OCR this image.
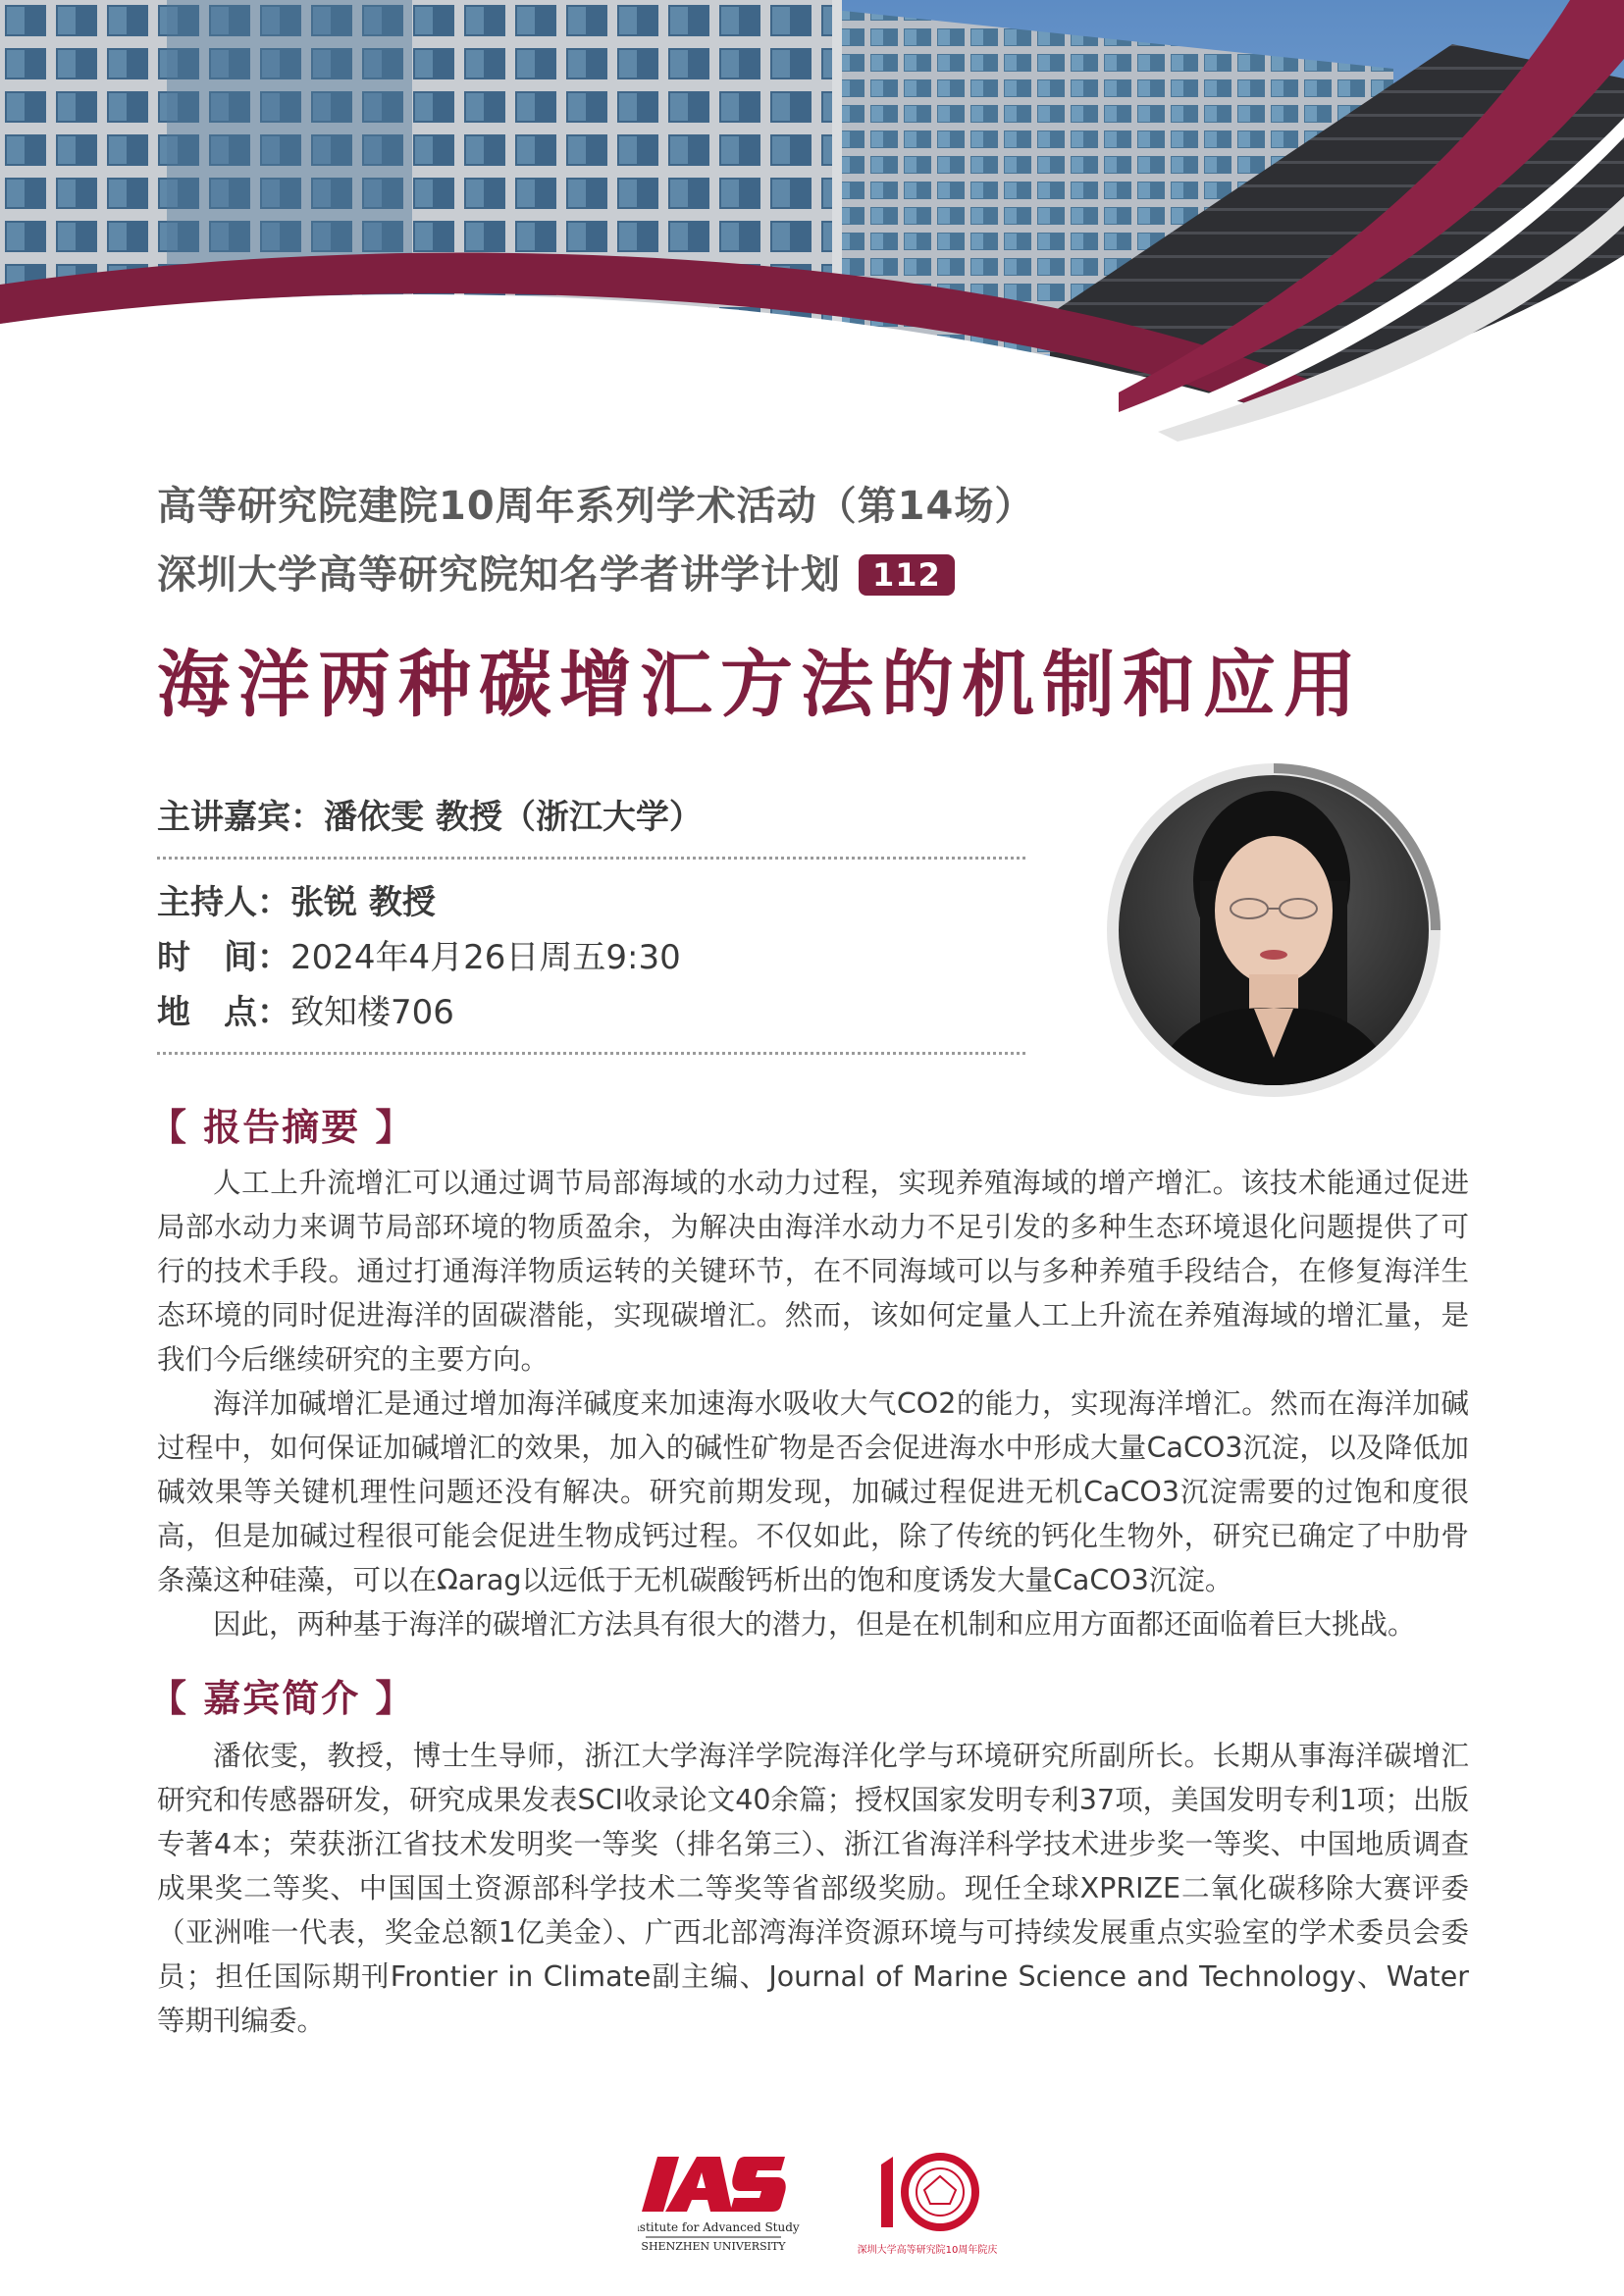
高等研究院建院10周年系列学术活动（第14场）
深圳大学高等研究院知名学者讲学计划	112
海洋两种碳增汇方法的机制和应用
主讲嘉宾：潘依雯 教授（浙江大学）
主持人：张锐 教授
时　间：2024年4月26日周五9:30
地　点：致知楼706
【 报告摘要 】

人工上升流增汇可以通过调节局部海域的水动力过程，实现养殖海域的增产增汇。该技术能通过促进局部水动力来调节局部环境的物质盈余，为解决由海洋水动力不足引发的多种生态环境退化问题提供了可行的技术手段。通过打通海洋物质运转的关键环节，在不同海域可以与多种养殖手段结合，在修复海洋生态环境的同时促进海洋的固碳潜能，实现碳增汇。然而，该如何定量人工上升流在养殖海域的增汇量，是我们今后继续研究的主要方向。

海洋加碱增汇是通过增加海洋碱度来加速海水吸收大气CO2的能力，实现海洋增汇。然而在海洋加碱过程中，如何保证加碱增汇的效果，加入的碱性矿物是否会促进海水中形成大量CaCO3沉淀，以及降低加碱效果等关键机理性问题还没有解决。研究前期发现，加碱过程促进无机CaCO3沉淀需要的过饱和度很高，但是加碱过程很可能会促进生物成钙过程。不仅如此，除了传统的钙化生物外，研究已确定了中肋骨条藻这种硅藻，可以在Ωarag以远低于无机碳酸钙析出的饱和度诱发大量CaCO3沉淀。

因此，两种基于海洋的碳增汇方法具有很大的潜力，但是在机制和应用方面都还面临着巨大挑战。

【 嘉宾简介 】

潘依雯，教授，博士生导师，浙江大学海洋学院海洋化学与环境研究所副所长。长期从事海洋碳增汇研究和传感器研发，研究成果发表SCI收录论文40余篇；授权国家发明专利37项，美国发明专利1项；出版专著4本；荣获浙江省技术发明奖一等奖（排名第三）、浙江省海洋科学技术进步奖一等奖、中国地质调查成果奖二等奖、中国国土资源部科学技术二等奖等省部级奖励。现任全球XPRIZE二氧化碳移除大赛评委（亚洲唯一代表，奖金总额1亿美金）、广西北部湾海洋资源环境与可持续发展重点实验室的学术委员会委员；担任国际期刊Frontier in Climate副主编、Journal of Marine Science and Technology、Water等期刊编委。

Institute for Advanced Study
SHENZHEN UNIVERSITY	深圳大学高等研究院10周年院庆
